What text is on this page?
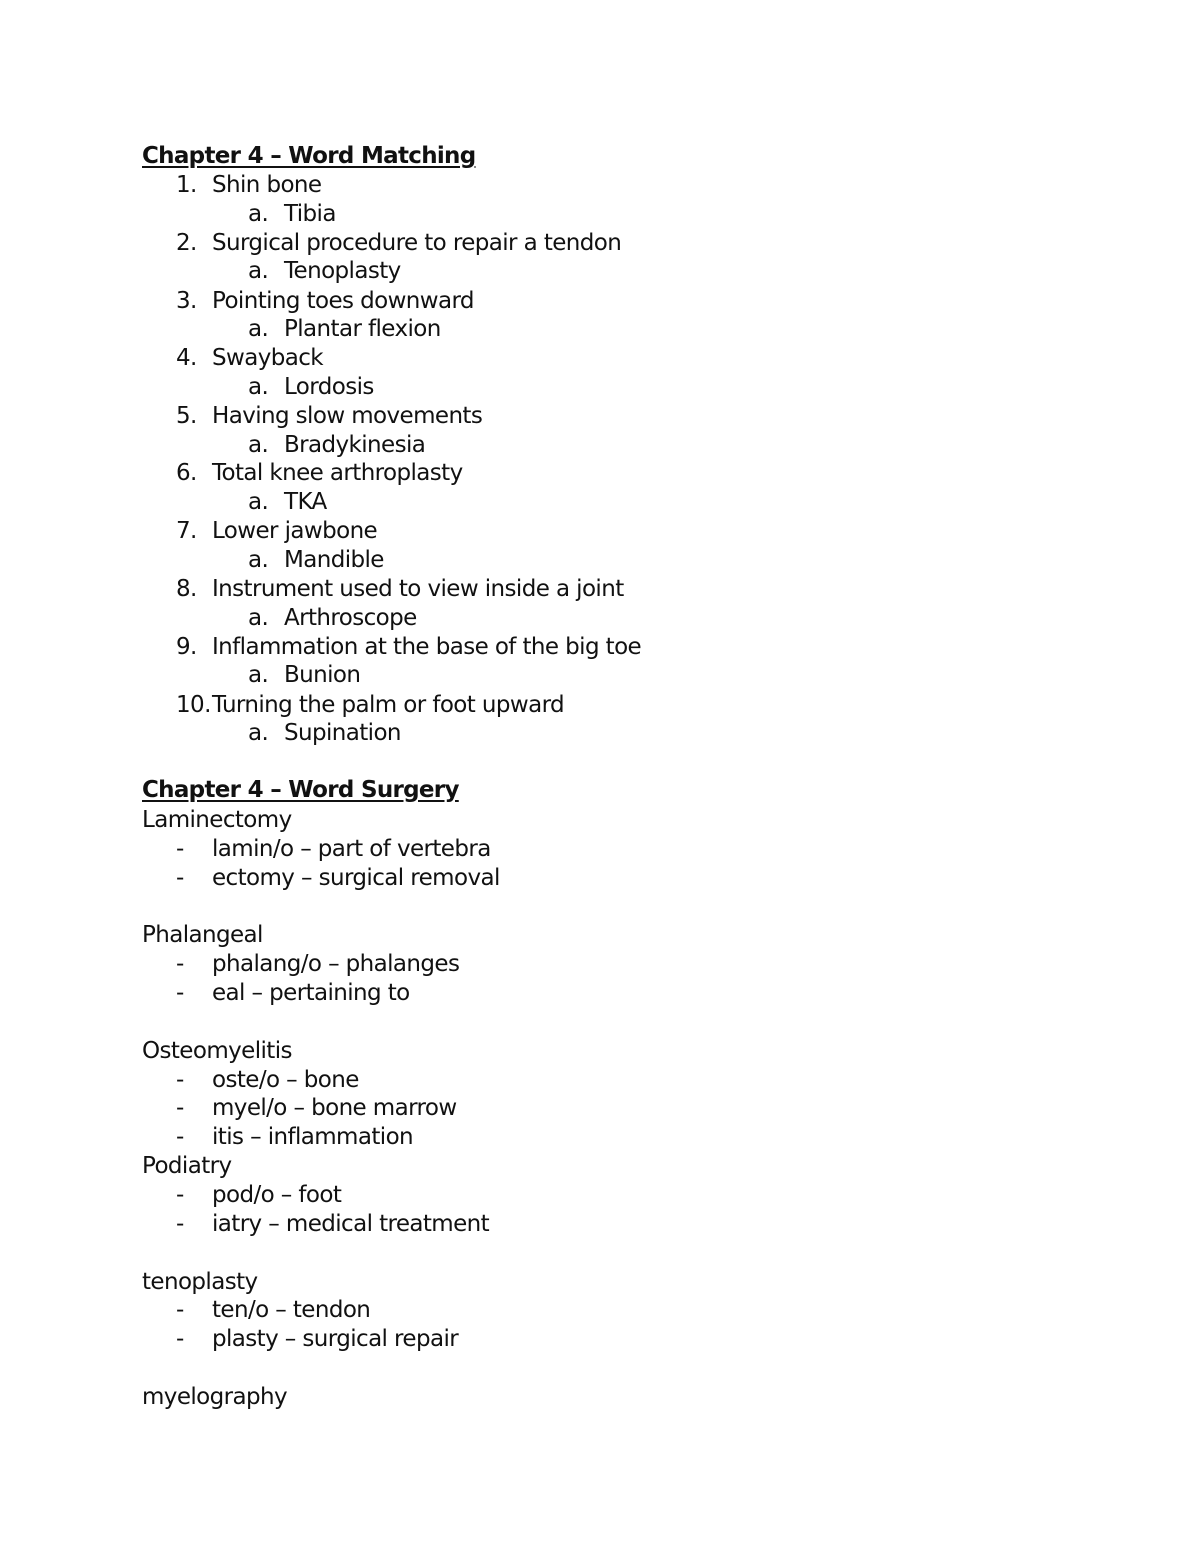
Chapter 4 – Word Matching
1. Shin bone
a. Tibia
2. Surgical procedure to repair a tendon
a. Tenoplasty
3. Pointing toes downward
a. Plantar flexion
4. Swayback
a. Lordosis
5. Having slow movements
a. Bradykinesia
6. Total knee arthroplasty
a. TKA
7. Lower jawbone
a. Mandible
8. Instrument used to view inside a joint
a. Arthroscope
9. Inflammation at the base of the big toe
a. Bunion
10. Turning the palm or foot upward
a. Supination
Chapter 4 – Word Surgery
Laminectomy
- lamin/o – part of vertebra
- ectomy – surgical removal
Phalangeal
- phalang/o – phalanges
- eal – pertaining to
Osteomyelitis
- oste/o – bone
- myel/o – bone marrow
- itis – inflammation
Podiatry
- pod/o – foot
- iatry – medical treatment
tenoplasty
- ten/o – tendon
- plasty – surgical repair
myelography
